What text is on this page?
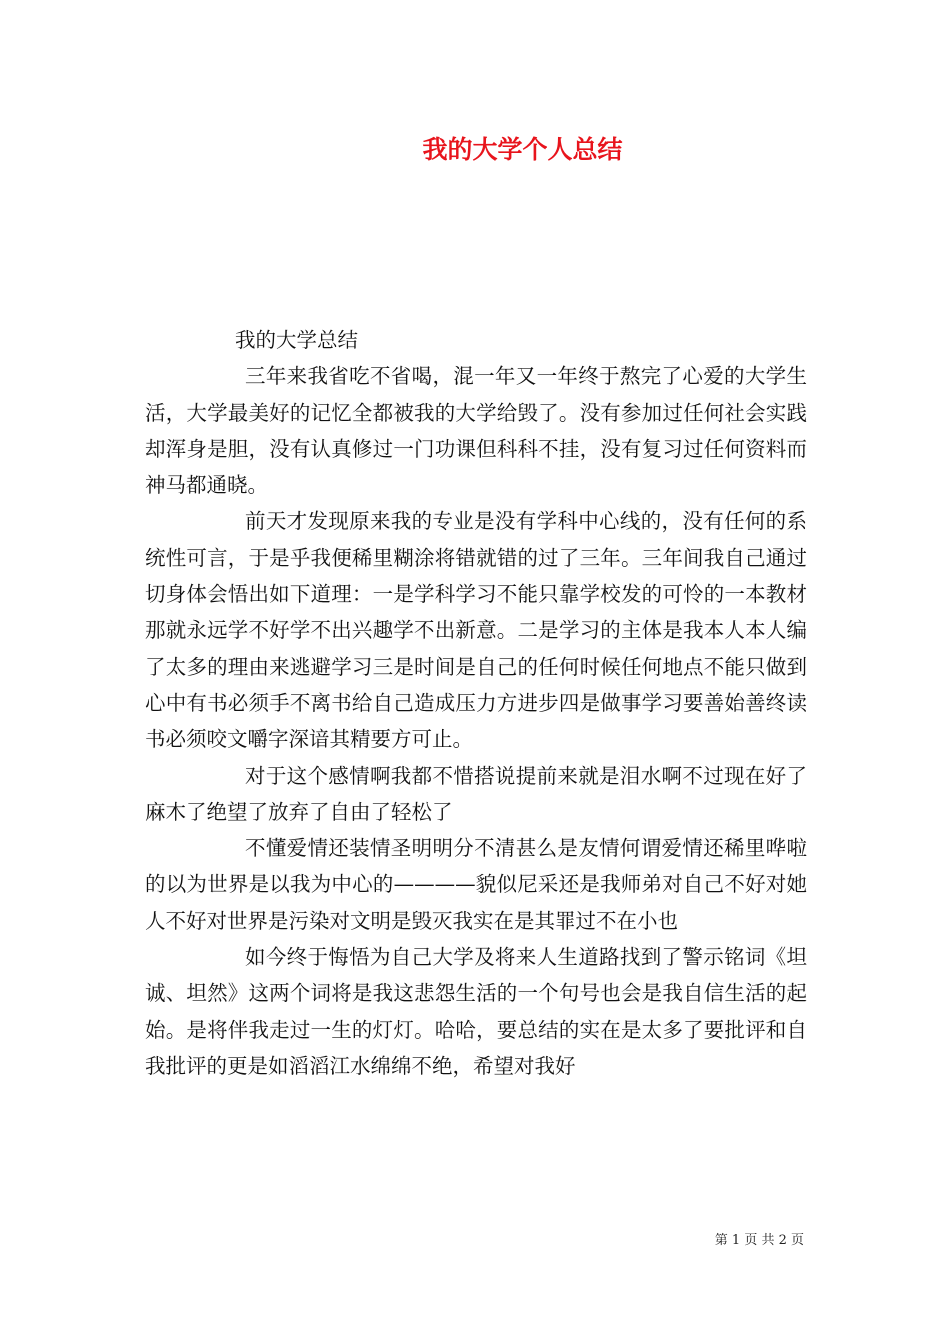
我的大学个人总结

我的大学总结

三年来我省吃不省喝，混一年又一年终于熬完了心爱的大学生活，大学最美好的记忆全都被我的大学给毁了。没有参加过任何社会实践却浑身是胆，没有认真修过一门功课但科科不挂，没有复习过任何资料而神马都通晓。

前天才发现原来我的专业是没有学科中心线的，没有任何的系统性可言，于是乎我便稀里糊涂将错就错的过了三年。三年间我自己通过切身体会悟出如下道理：一是学科学习不能只靠学校发的可怜的一本教材那就永远学不好学不出兴趣学不出新意。二是学习的主体是我本人本人编了太多的理由来逃避学习三是时间是自己的任何时候任何地点不能只做到心中有书必须手不离书给自己造成压力方进步四是做事学习要善始善终读书必须咬文嚼字深谙其精要方可止。

对于这个感情啊我都不惜搭说提前来就是泪水啊不过现在好了麻木了绝望了放弃了自由了轻松了

不懂爱情还装情圣明明分不清甚么是友情何谓爱情还稀里哗啦的以为世界是以我为中心的————貌似尼采还是我师弟对自己不好对她人不好对世界是污染对文明是毁灭我实在是其罪过不在小也

如今终于悔悟为自己大学及将来人生道路找到了警示铭词《坦诚、坦然》这两个词将是我这悲怨生活的一个句号也会是我自信生活的起始。是将伴我走过一生的灯灯。哈哈，要总结的实在是太多了要批评和自我批评的更是如滔滔江水绵绵不绝，希望对我好

第 1 页 共 2 页
